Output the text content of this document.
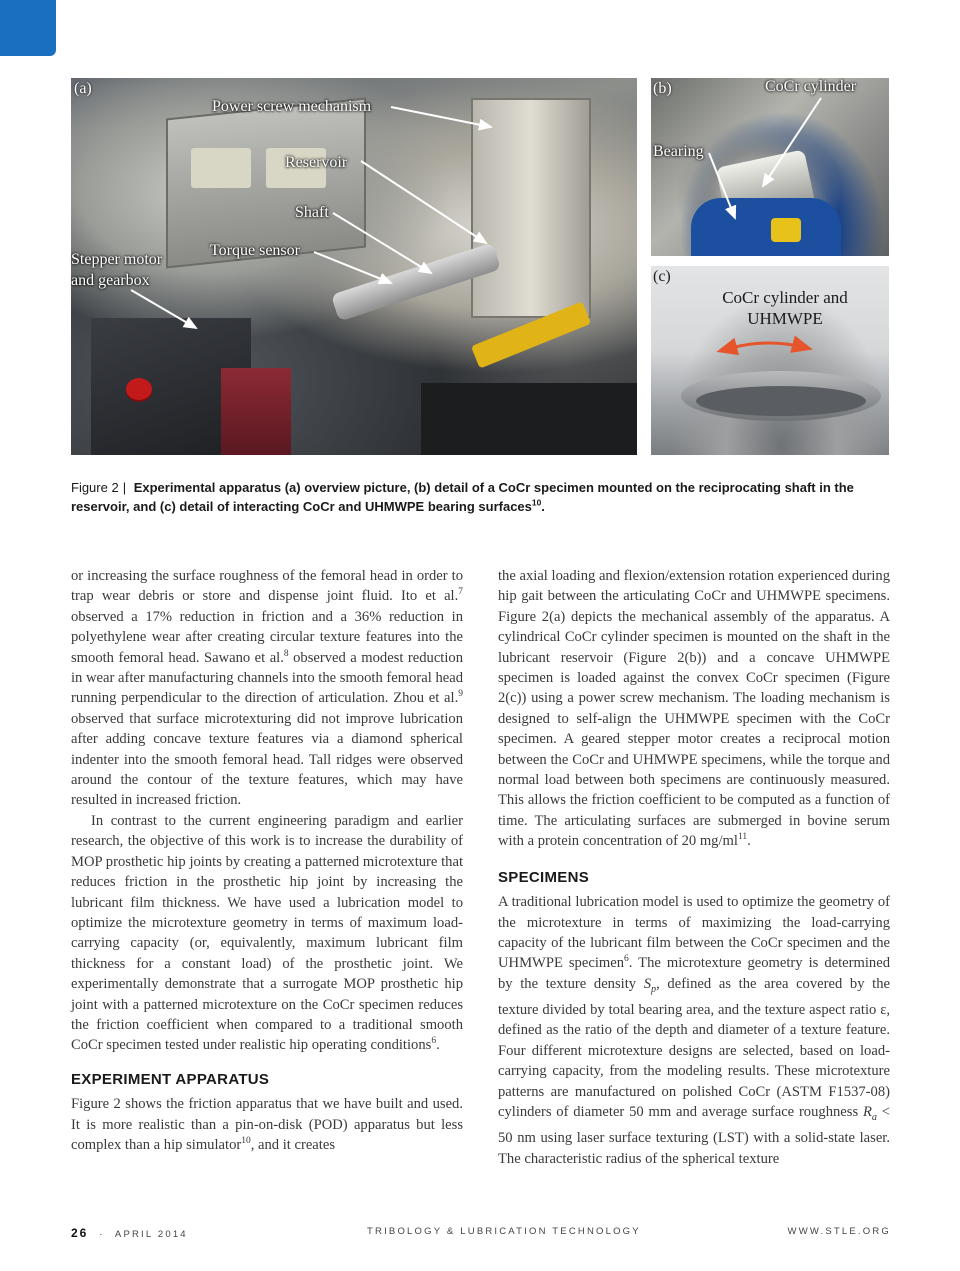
(a)
Power screw mechanism
Reservoir
Shaft
Torque sensor
Stepper motor
and gearbox
(b)	CoCr cylinder
Bearing
(c)
CoCr cylinder and
UHMWPE
Figure 2 | Experimental apparatus (a) overview picture, (b) detail of a CoCr specimen mounted on the reciprocating shaft in the reservoir, and (c) detail of interacting CoCr and UHMWPE bearing surfaces$^{10}$.

or increasing the surface roughness of the femoral head in order to trap wear debris or store and dispense joint fluid. Ito et al.$^7$ observed a 17% reduction in friction and a 36% reduction in polyethylene wear after creating circular texture features into the smooth femoral head. Sawano et al.$^8$ observed a modest reduction in wear after manufacturing channels into the smooth femoral head running perpendicular to the direction of articulation. Zhou et al.$^9$ observed that surface microtexturing did not improve lubrication after adding concave texture features via a diamond spherical indenter into the smooth femoral head. Tall ridges were observed around the contour of the texture features, which may have resulted in increased friction.

In contrast to the current engineering paradigm and earlier research, the objective of this work is to increase the durability of MOP prosthetic hip joints by creating a patterned microtexture that reduces friction in the prosthetic hip joint by increasing the lubricant film thickness. We have used a lubrication model to optimize the microtexture geometry in terms of maximum load-carrying capacity (or, equivalently, maximum lubricant film thickness for a constant load) of the prosthetic joint. We experimentally demonstrate that a surrogate MOP prosthetic hip joint with a patterned microtexture on the CoCr specimen reduces the friction coefficient when compared to a traditional smooth CoCr specimen tested under realistic hip operating conditions$^6$.

EXPERIMENT APPARATUS

Figure 2 shows the friction apparatus that we have built and used. It is more realistic than a pin-on-disk (POD) apparatus but less complex than a hip simulator$^{10}$, and it creates

the axial loading and flexion/extension rotation experienced during hip gait between the articulating CoCr and UHMWPE specimens. Figure 2(a) depicts the mechanical assembly of the apparatus. A cylindrical CoCr cylinder specimen is mounted on the shaft in the lubricant reservoir (Figure 2(b)) and a concave UHMWPE specimen is loaded against the convex CoCr specimen (Figure 2(c)) using a power screw mechanism. The loading mechanism is designed to self-align the UHMWPE specimen with the CoCr specimen. A geared stepper motor creates a reciprocal motion between the CoCr and UHMWPE specimens, while the torque and normal load between both specimens are continuously measured. This allows the friction coefficient to be computed as a function of time. The articulating surfaces are submerged in bovine serum with a protein concentration of 20 $mg/ml^{11}$.

SPECIMENS

A traditional lubrication model is used to optimize the geometry of the microtexture in terms of maximizing the load-carrying capacity of the lubricant film between the CoCr specimen and the UHMWPE specimen$^6$. The microtexture geometry is determined by the texture density $S_p$, defined as the area covered by the texture divided by total bearing area, and the texture aspect ratio ε, defined as the ratio of the depth and diameter of a texture feature. Four different microtexture designs are selected, based on load-carrying capacity, from the modeling results. These microtexture patterns are manufactured on polished CoCr (ASTM F1537-08) cylinders of diameter 50 mm and average surface roughness $R_a < 50$ nm using laser surface texturing (LST) with a solid-state laser. The characteristic radius of the spherical texture

26 · APRIL 2014	TRIBOLOGY & LUBRICATION TECHNOLOGY	WWW.STLE.ORG
